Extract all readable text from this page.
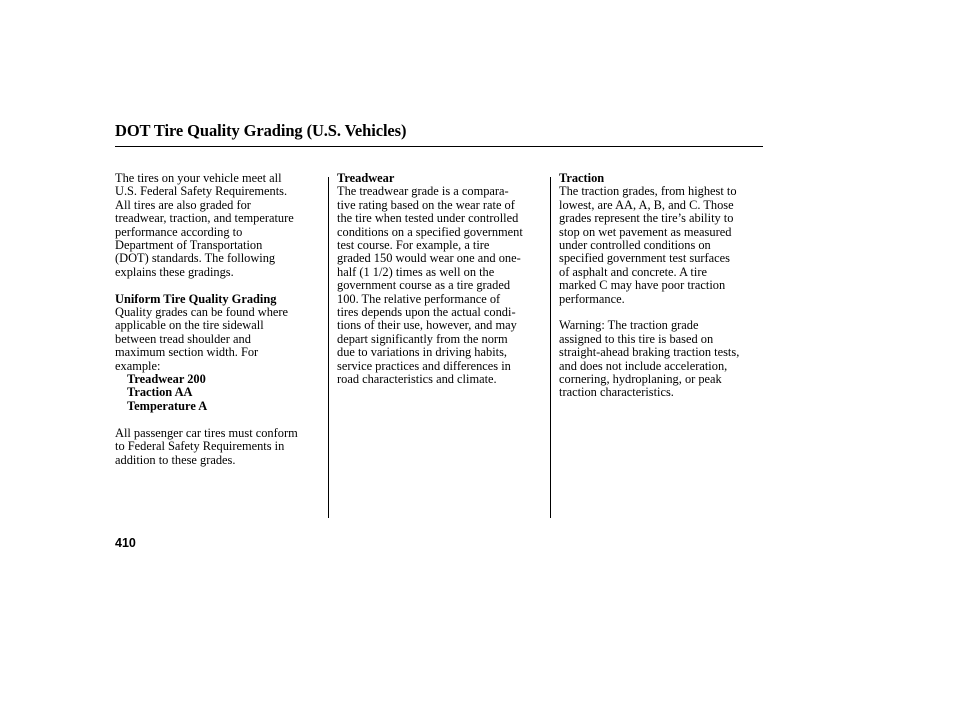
DOT Tire Quality Grading (U.S. Vehicles)
The tires on your vehicle meet all
U.S. Federal Safety Requirements.
All tires are also graded for
treadwear, traction, and temperature
performance according to
Department of Transportation
(DOT) standards. The following
explains these gradings.
Uniform Tire Quality Grading
Quality grades can be found where
applicable on the tire sidewall
between tread shoulder and
maximum section width. For
example:
Treadwear 200
Traction AA
Temperature A
All passenger car tires must conform
to Federal Safety Requirements in
addition to these grades.
Treadwear
The treadwear grade is a compara-
tive rating based on the wear rate of
the tire when tested under controlled
conditions on a specified government
test course. For example, a tire
graded 150 would wear one and one-
half (1 1/2) times as well on the
government course as a tire graded
100. The relative performance of
tires depends upon the actual condi-
tions of their use, however, and may
depart significantly from the norm
due to variations in driving habits,
service practices and differences in
road characteristics and climate.
Traction
The traction grades, from highest to
lowest, are AA, A, B, and C. Those
grades represent the tire’s ability to
stop on wet pavement as measured
under controlled conditions on
specified government test surfaces
of asphalt and concrete. A tire
marked C may have poor traction
performance.
Warning: The traction grade
assigned to this tire is based on
straight-ahead braking traction tests,
and does not include acceleration,
cornering, hydroplaning, or peak
traction characteristics.
410
